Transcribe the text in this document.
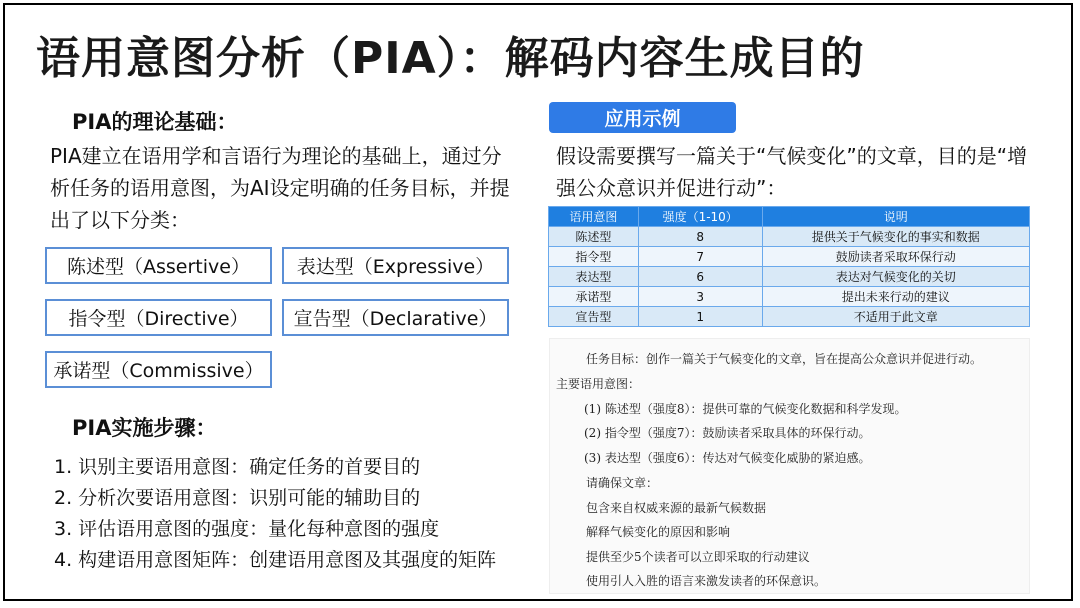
语用意图分析（PIA）：解码内容生成目的
PIA的理论基础：
PIA建立在语用学和言语行为理论的基础上，通过分析任务的语用意图，为AI设定明确的任务目标，并提出了以下分类：
陈述型（Assertive）	表达型（Expressive）
指令型（Directive）	宣告型（Declarative）
承诺型（Commissive）
PIA实施步骤：
1. 识别主要语用意图：确定任务的首要目的
2. 分析次要语用意图：识别可能的辅助目的
3. 评估语用意图的强度：量化每种意图的强度
4. 构建语用意图矩阵：创建语用意图及其强度的矩阵
应用示例
假设需要撰写一篇关于“气候变化”的文章，目的是“增强公众意识并促进行动”：
语用意图	强度（1-10）	说明
陈述型	8	提供关于气候变化的事实和数据
指令型	7	鼓励读者采取环保行动
表达型	6	表达对气候变化的关切
承诺型	3	提出未来行动的建议
宣告型	1	不适用于此文章
任务目标：创作一篇关于气候变化的文章，旨在提高公众意识并促进行动。
主要语用意图：
(1) 陈述型（强度8）：提供可靠的气候变化数据和科学发现。
(2) 指令型（强度7）：鼓励读者采取具体的环保行动。
(3) 表达型（强度6）：传达对气候变化威胁的紧迫感。
请确保文章：
包含来自权威来源的最新气候数据
解释气候变化的原因和影响
提供至少5个读者可以立即采取的行动建议
使用引人入胜的语言来激发读者的环保意识。
